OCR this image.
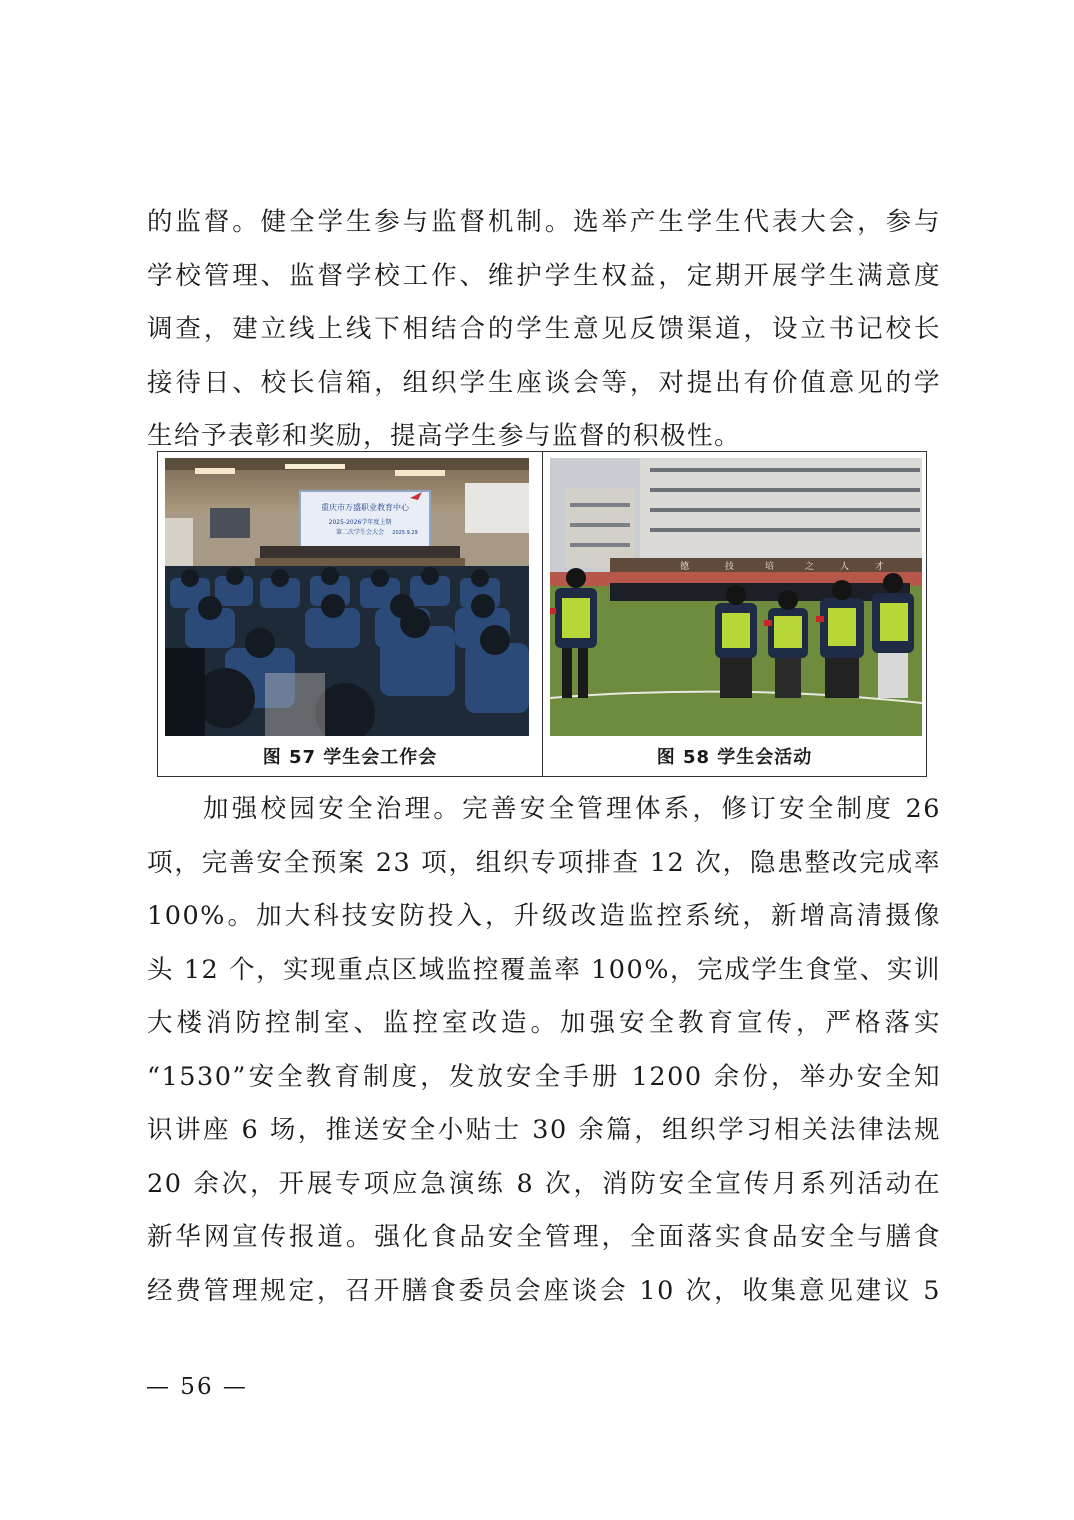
的监督。健全学生参与监督机制。选举产生学生代表大会，参与
学校管理、监督学校工作、维护学生权益，定期开展学生满意度
调查，建立线上线下相结合的学生意见反馈渠道，设立书记校长
接待日、校长信箱，组织学生座谈会等，对提出有价值意见的学
生给予表彰和奖励，提高学生参与监督的积极性。
重庆市万盛职业教育中心
2025-2026学年度上期
第二次学生会大会 2025.9.29
图 57 学生会工作会
德	技	培	之	人	才
图 58 学生会活动
加强校园安全治理。完善安全管理体系，修订安全制度 26
项，完善安全预案 23 项，组织专项排查 12 次，隐患整改完成率
100%。加大科技安防投入，升级改造监控系统，新增高清摄像
头 12 个，实现重点区域监控覆盖率 100%，完成学生食堂、实训
大楼消防控制室、监控室改造。加强安全教育宣传，严格落实
“1530”安全教育制度，发放安全手册 1200 余份，举办安全知
识讲座 6 场，推送安全小贴士 30 余篇，组织学习相关法律法规
20 余次，开展专项应急演练 8 次，消防安全宣传月系列活动在
新华网宣传报道。强化食品安全管理，全面落实食品安全与膳食
经费管理规定，召开膳食委员会座谈会 10 次，收集意见建议 5
— 56 —
